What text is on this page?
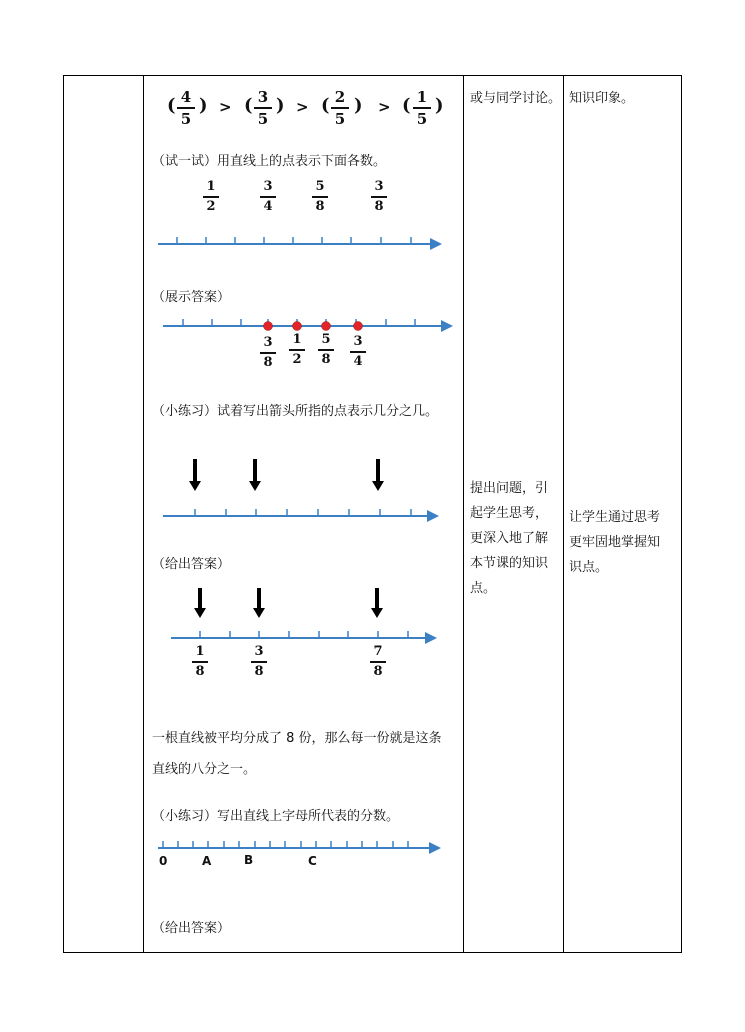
( 4
5
) > ( 3
5
) > ( 2
5
) > ( 1
5
)
（试一试）用直线上的点表示下面各数。
1
2
3
4
5
8
3
8
（展示答案）
3
8
1
2
5
8
3
4
（小练习）试着写出箭头所指的点表示几分之几。
（给出答案）
1
8
3
8
7
8
一根直线被平均分成了 8 份，那么每一份就是这条
直线的八分之一。
（小练习）写出直线上字母所代表的分数。
0	A	B	C
（给出答案）
或与同学讨论。
提出问题，引
起学生思考，
更深入地了解
本节课的知识
点。
知识印象。
让学生通过思考
更牢固地掌握知
识点。
